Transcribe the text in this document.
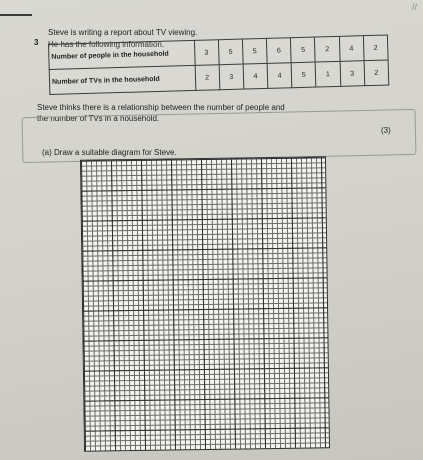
//
3
Steve is writing a report about TV viewing.
He has the following information.
Number of people in the household	3	5	5	6	5	2	4	2
Number of TVs in the household	2	3	4	4	5	1	3	2
Steve thinks there is a relationship between the number of people and
the number of TVs in a household.
(a) Draw a suitable diagram for Steve.
(3)
